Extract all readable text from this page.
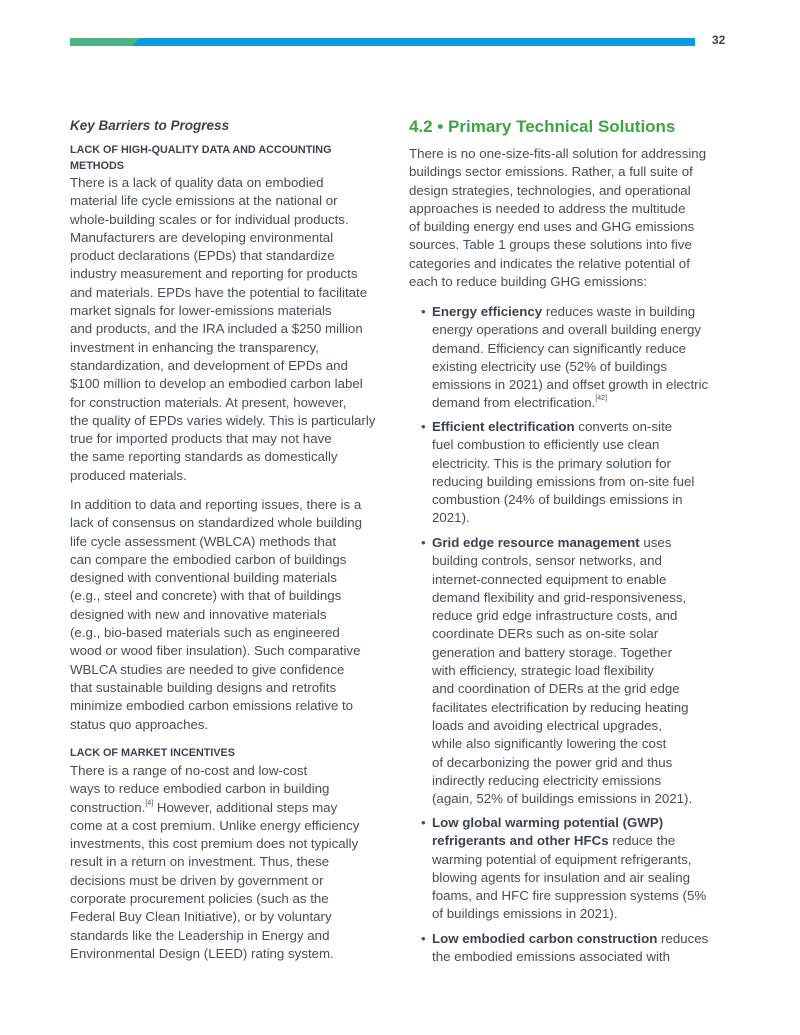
32
Key Barriers to Progress
LACK OF HIGH-QUALITY DATA AND ACCOUNTING
METHODS
There is a lack of quality data on embodied
material life cycle emissions at the national or
whole-building scales or for individual products.
Manufacturers are developing environmental
product declarations (EPDs) that standardize
industry measurement and reporting for products
and materials. EPDs have the potential to facilitate
market signals for lower-emissions materials
and products, and the IRA included a $250 million
investment in enhancing the transparency,
standardization, and development of EPDs and
$100 million to develop an embodied carbon label
for construction materials. At present, however,
the quality of EPDs varies widely. This is particularly
true for imported products that may not have
the same reporting standards as domestically
produced materials.
In addition to data and reporting issues, there is a
lack of consensus on standardized whole building
life cycle assessment (WBLCA) methods that
can compare the embodied carbon of buildings
designed with conventional building materials
(e.g., steel and concrete) with that of buildings
designed with new and innovative materials
(e.g., bio-based materials such as engineered
wood or wood fiber insulation). Such comparative
WBLCA studies are needed to give confidence
that sustainable building designs and retrofits
minimize embodied carbon emissions relative to
status quo approaches.
LACK OF MARKET INCENTIVES
There is a range of no-cost and low-cost
ways to reduce embodied carbon in building
construction.[4] However, additional steps may
come at a cost premium. Unlike energy efficiency
investments, this cost premium does not typically
result in a return on investment. Thus, these
decisions must be driven by government or
corporate procurement policies (such as the
Federal Buy Clean Initiative), or by voluntary
standards like the Leadership in Energy and
Environmental Design (LEED) rating system.
4.2 • Primary Technical Solutions
There is no one-size-fits-all solution for addressing
buildings sector emissions. Rather, a full suite of
design strategies, technologies, and operational
approaches is needed to address the multitude
of building energy end uses and GHG emissions
sources. Table 1 groups these solutions into five
categories and indicates the relative potential of
each to reduce building GHG emissions:
• Energy efficiency reduces waste in building
energy operations and overall building energy
demand. Efficiency can significantly reduce
existing electricity use (52% of buildings
emissions in 2021) and offset growth in electric
demand from electrification.[42]
• Efficient electrification converts on-site
fuel combustion to efficiently use clean
electricity. This is the primary solution for
reducing building emissions from on-site fuel
combustion (24% of buildings emissions in
2021).
• Grid edge resource management uses
building controls, sensor networks, and
internet-connected equipment to enable
demand flexibility and grid-responsiveness,
reduce grid edge infrastructure costs, and
coordinate DERs such as on-site solar
generation and battery storage. Together
with efficiency, strategic load flexibility
and coordination of DERs at the grid edge
facilitates electrification by reducing heating
loads and avoiding electrical upgrades,
while also significantly lowering the cost
of decarbonizing the power grid and thus
indirectly reducing electricity emissions
(again, 52% of buildings emissions in 2021).
• Low global warming potential (GWP)
refrigerants and other HFCs reduce the
warming potential of equipment refrigerants,
blowing agents for insulation and air sealing
foams, and HFC fire suppression systems (5%
of buildings emissions in 2021).
• Low embodied carbon construction reduces
the embodied emissions associated with
